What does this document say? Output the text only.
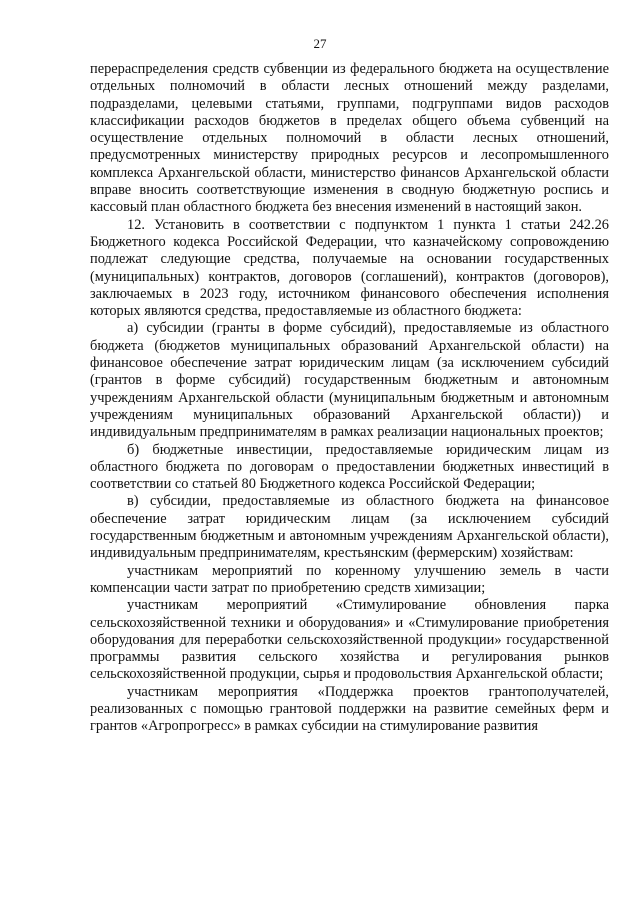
27

перераспределения средств субвенции из федерального бюджета на осуществление отдельных полномочий в области лесных отношений между разделами, подразделами, целевыми статьями, группами, подгруппами видов расходов классификации расходов бюджетов в пределах общего объема субвенций на осуществление отдельных полномочий в области лесных отношений, предусмотренных министерству природных ресурсов и лесопромышленного комплекса Архангельской области, министерство финансов Архангельской области вправе вносить соответствующие изменения в сводную бюджетную роспись и кассовый план областного бюджета без внесения изменений в настоящий закон.

12. Установить в соответствии с подпунктом 1 пункта 1 статьи 242.26 Бюджетного кодекса Российской Федерации, что казначейскому сопровождению подлежат следующие средства, получаемые на основании государственных (муниципальных) контрактов, договоров (соглашений), контрактов (договоров), заключаемых в 2023 году, источником финансового обеспечения исполнения которых являются средства, предоставляемые из областного бюджета:

а) субсидии (гранты в форме субсидий), предоставляемые из областного бюджета (бюджетов муниципальных образований Архангельской области) на финансовое обеспечение затрат юридическим лицам (за исключением субсидий (грантов в форме субсидий) государственным бюджетным и автономным учреждениям Архангельской области (муниципальным бюджетным и автономным учреждениям муниципальных образований Архангельской области)) и индивидуальным предпринимателям в рамках реализации национальных проектов;

б) бюджетные инвестиции, предоставляемые юридическим лицам из областного бюджета по договорам о предоставлении бюджетных инвестиций в соответствии со статьей 80 Бюджетного кодекса Российской Федерации;

в) субсидии, предоставляемые из областного бюджета на финансовое обеспечение затрат юридическим лицам (за исключением субсидий государственным бюджетным и автономным учреждениям Архангельской области), индивидуальным предпринимателям, крестьянским (фермерским) хозяйствам:

участникам мероприятий по коренному улучшению земель в части компенсации части затрат по приобретению средств химизации;

участникам мероприятий «Стимулирование обновления парка сельскохозяйственной техники и оборудования» и «Стимулирование приобретения оборудования для переработки сельскохозяйственной продукции» государственной программы развития сельского хозяйства и регулирования рынков сельскохозяйственной продукции, сырья и продовольствия Архангельской области;

участникам мероприятия «Поддержка проектов грантополучателей, реализованных с помощью грантовой поддержки на развитие семейных ферм и грантов «Агропрогресс» в рамках субсидии на стимулирование развития
